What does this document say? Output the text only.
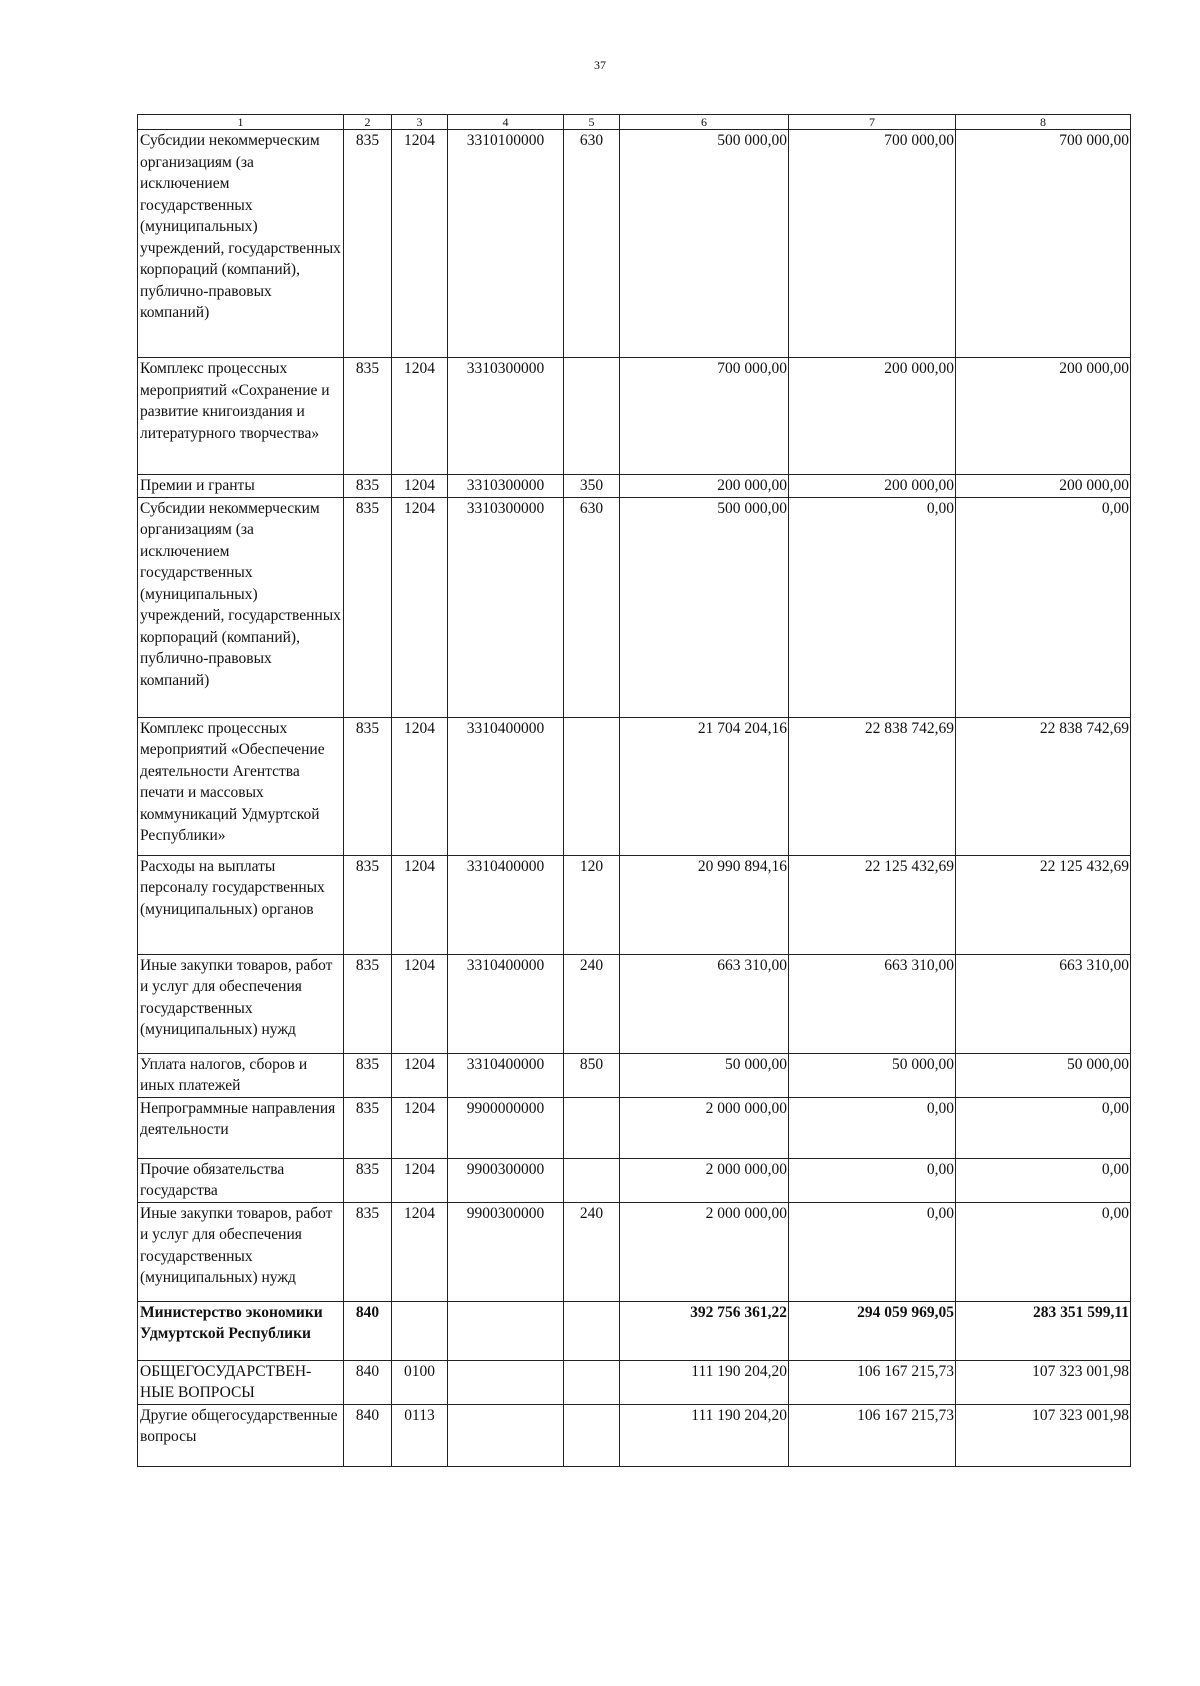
37
1	2	3	4	5	6	7	8
Субсидии некоммерческим организациям (за исключением государственных (муниципальных) учреждений, государственных корпораций (компаний), публично-правовых компаний)	835	1204	3310100000	630	500 000,00	700 000,00	700 000,00
Комплекс процессных мероприятий «Сохранение и развитие книгоиздания и литературного творчества»	835	1204	3310300000		700 000,00	200 000,00	200 000,00
Премии и гранты	835	1204	3310300000	350	200 000,00	200 000,00	200 000,00
Субсидии некоммерческим организациям (за исключением государственных (муниципальных) учреждений, государственных корпораций (компаний), публично-правовых компаний)	835	1204	3310300000	630	500 000,00	0,00	0,00
Комплекс процессных мероприятий «Обеспечение деятельности Агентства печати и массовых коммуникаций Удмуртской Республики»	835	1204	3310400000		21 704 204,16	22 838 742,69	22 838 742,69
Расходы на выплаты персоналу государственных (муниципальных) органов	835	1204	3310400000	120	20 990 894,16	22 125 432,69	22 125 432,69
Иные закупки товаров, работ и услуг для обеспечения государственных (муниципальных) нужд	835	1204	3310400000	240	663 310,00	663 310,00	663 310,00
Уплата налогов, сборов и иных платежей	835	1204	3310400000	850	50 000,00	50 000,00	50 000,00
Непрограммные направления деятельности	835	1204	9900000000		2 000 000,00	0,00	0,00
Прочие обязательства государства	835	1204	9900300000		2 000 000,00	0,00	0,00
Иные закупки товаров, работ и услуг для обеспечения государственных (муниципальных) нужд	835	1204	9900300000	240	2 000 000,00	0,00	0,00
Министерство экономики Удмуртской Республики	840				392 756 361,22	294 059 969,05	283 351 599,11
ОБЩЕГОСУДАРСТВЕН-НЫЕ ВОПРОСЫ	840	0100			111 190 204,20	106 167 215,73	107 323 001,98
Другие общегосударственные вопросы	840	0113			111 190 204,20	106 167 215,73	107 323 001,98
